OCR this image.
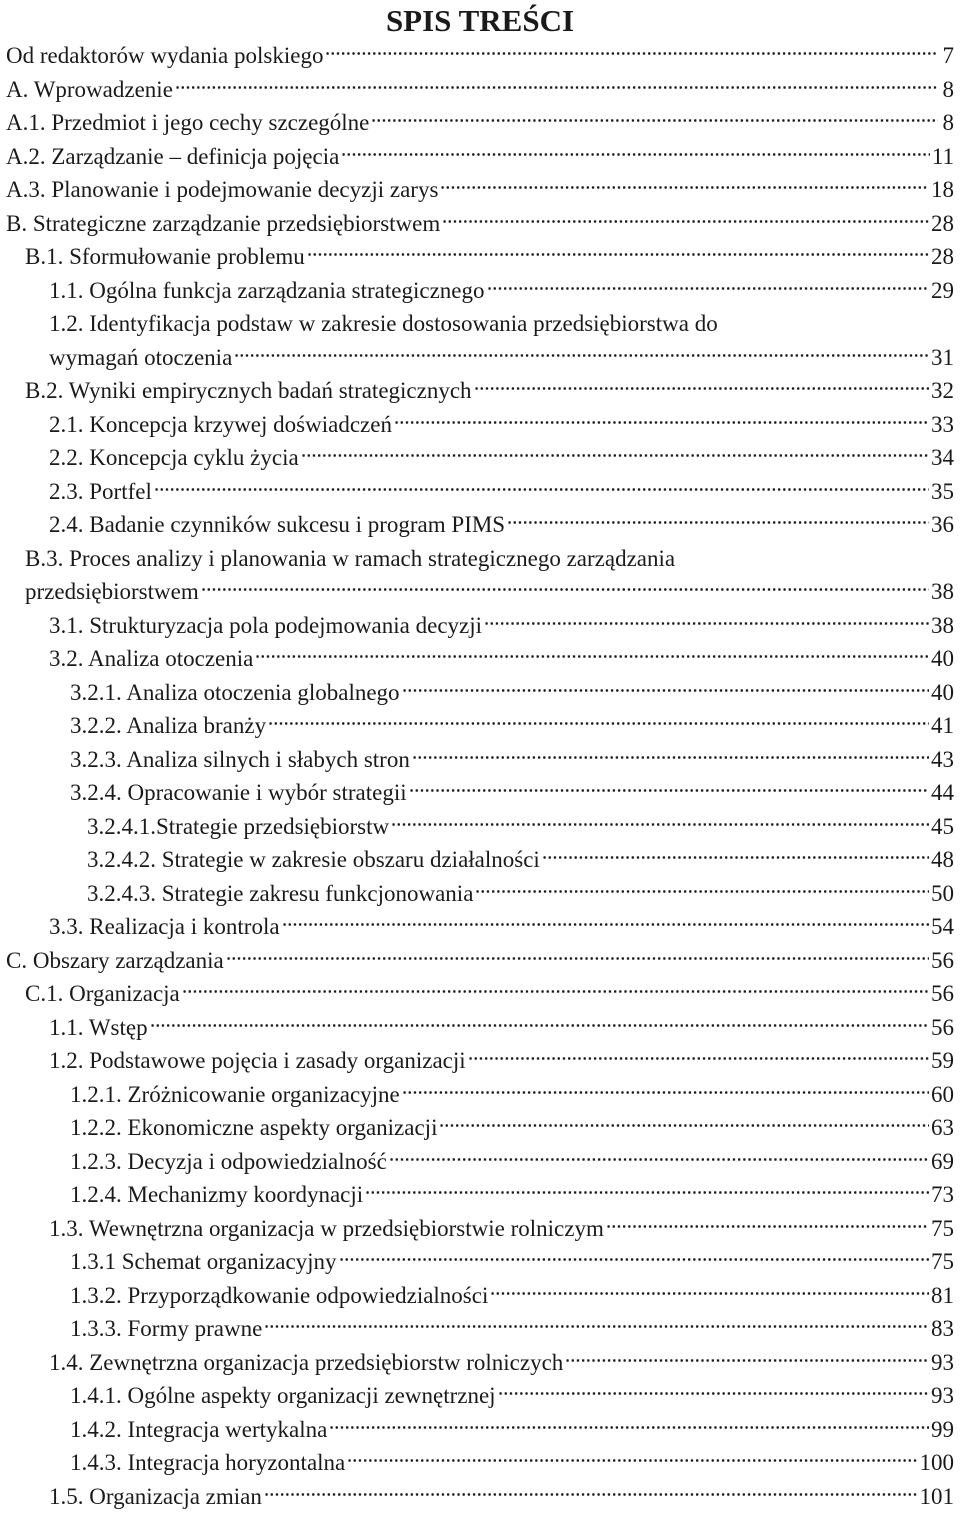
SPIS TREŚCI
Od redaktorów wydania polskiego	7
A. Wprowadzenie	8
A.1. Przedmiot i jego cechy szczególne	8
A.2. Zarządzanie – definicja pojęcia	11
A.3. Planowanie i podejmowanie decyzji zarys	18
B. Strategiczne zarządzanie przedsiębiorstwem	28
B.1. Sformułowanie problemu	28
1.1. Ogólna funkcja zarządzania strategicznego	29
1.2. Identyfikacja podstaw w zakresie dostosowania przedsiębiorstwa do
wymagań otoczenia	31
B.2. Wyniki empirycznych badań strategicznych	32
2.1. Koncepcja krzywej doświadczeń	33
2.2. Koncepcja cyklu życia	34
2.3. Portfel	35
2.4. Badanie czynników sukcesu i program PIMS	36
B.3. Proces analizy i planowania w ramach strategicznego zarządzania
przedsiębiorstwem	38
3.1. Strukturyzacja pola podejmowania decyzji	38
3.2. Analiza otoczenia	40
3.2.1. Analiza otoczenia globalnego	40
3.2.2. Analiza branży	41
3.2.3. Analiza silnych i słabych stron	43
3.2.4. Opracowanie i wybór strategii	44
3.2.4.1.Strategie przedsiębiorstw	45
3.2.4.2. Strategie w zakresie obszaru działalności	48
3.2.4.3. Strategie zakresu funkcjonowania	50
3.3. Realizacja i kontrola	54
C. Obszary zarządzania	56
C.1. Organizacja	56
1.1. Wstęp	56
1.2. Podstawowe pojęcia i zasady organizacji	59
1.2.1. Zróżnicowanie organizacyjne	60
1.2.2. Ekonomiczne aspekty organizacji	63
1.2.3. Decyzja i odpowiedzialność	69
1.2.4. Mechanizmy koordynacji	73
1.3. Wewnętrzna organizacja w przedsiębiorstwie rolniczym	75
1.3.1 Schemat organizacyjny	75
1.3.2. Przyporządkowanie odpowiedzialności	81
1.3.3. Formy prawne	83
1.4. Zewnętrzna organizacja przedsiębiorstw rolniczych	93
1.4.1. Ogólne aspekty organizacji zewnętrznej	93
1.4.2. Integracja wertykalna	99
1.4.3. Integracja horyzontalna	100
1.5. Organizacja zmian	101
